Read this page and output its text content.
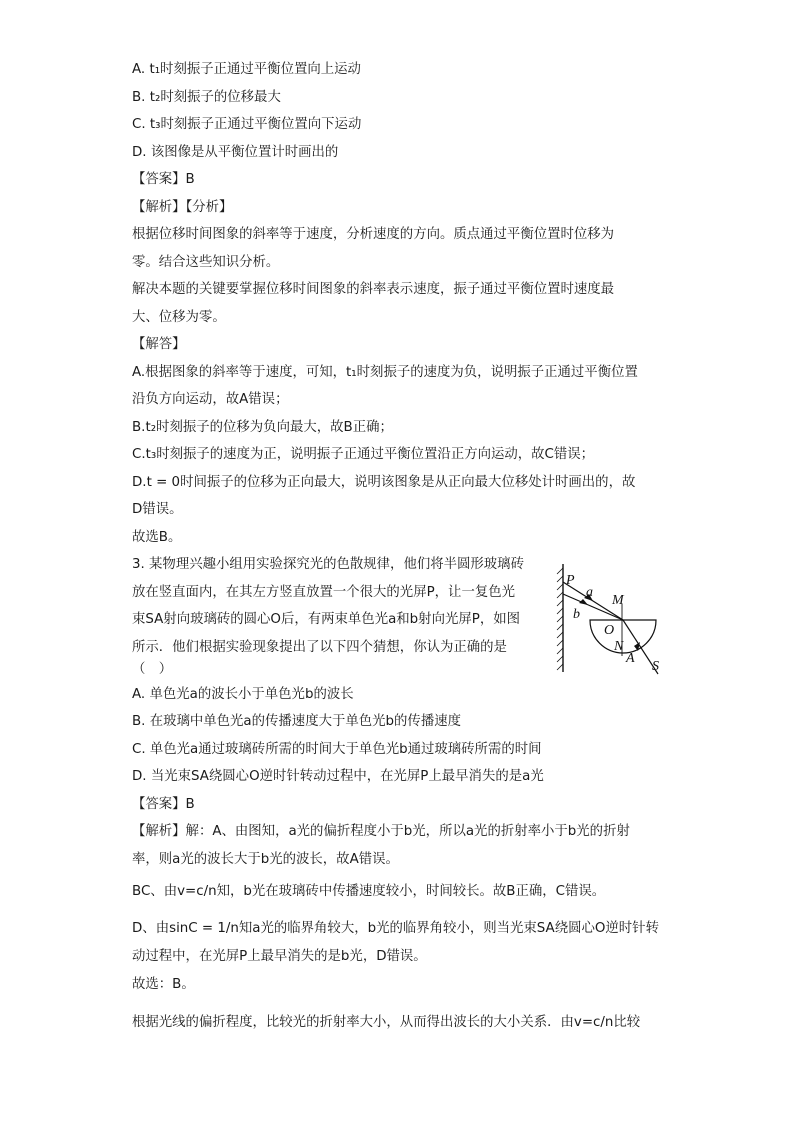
A. t₁时刻振子正通过平衡位置向上运动
B. t₂时刻振子的位移最大
C. t₃时刻振子正通过平衡位置向下运动
D. 该图像是从平衡位置计时画出的
【答案】B
【解析】【分析】
根据位移时间图象的斜率等于速度，分析速度的方向。质点通过平衡位置时位移为
零。结合这些知识分析。
解决本题的关键要掌握位移时间图象的斜率表示速度，振子通过平衡位置时速度最
大、位移为零。
【解答】
A.根据图象的斜率等于速度，可知，t₁时刻振子的速度为负，说明振子正通过平衡位置
沿负方向运动，故A错误；
B.t₂时刻振子的位移为负向最大，故B正确；
C.t₃时刻振子的速度为正，说明振子正通过平衡位置沿正方向运动，故C错误；
D.t = 0时间振子的位移为正向最大，说明该图象是从正向最大位移处计时画出的，故
D错误。
故选B。
3. 某物理兴趣小组用实验探究光的色散规律，他们将半圆形玻璃砖
放在竖直面内，在其左方竖直放置一个很大的光屏P，让一复色光
束SA射向玻璃砖的圆心O后，有两束单色光a和b射向光屏P，如图
所示．他们根据实验现象提出了以下四个猜想，你认为正确的是
（　）
A. 单色光a的波长小于单色光b的波长
B. 在玻璃中单色光a的传播速度大于单色光b的传播速度
C. 单色光a通过玻璃砖所需的时间大于单色光b通过玻璃砖所需的时间
D. 当光束SA绕圆心O逆时针转动过程中，在光屏P上最早消失的是a光
【答案】B
【解析】解：A、由图知，a光的偏折程度小于b光，所以a光的折射率小于b光的折射
率，则a光的波长大于b光的波长，故A错误。
BC、由v=c/n知，b光在玻璃砖中传播速度较小，时间较长。故B正确，C错误。
D、由sinC = 1/n知a光的临界角较大，b光的临界角较小，则当光束SA绕圆心O逆时针转
动过程中，在光屏P上最早消失的是b光，D错误。
故选：B。
根据光线的偏折程度，比较光的折射率大小，从而得出波长的大小关系．由v=c/n比较
P
a
b
M
O
N
A
S
